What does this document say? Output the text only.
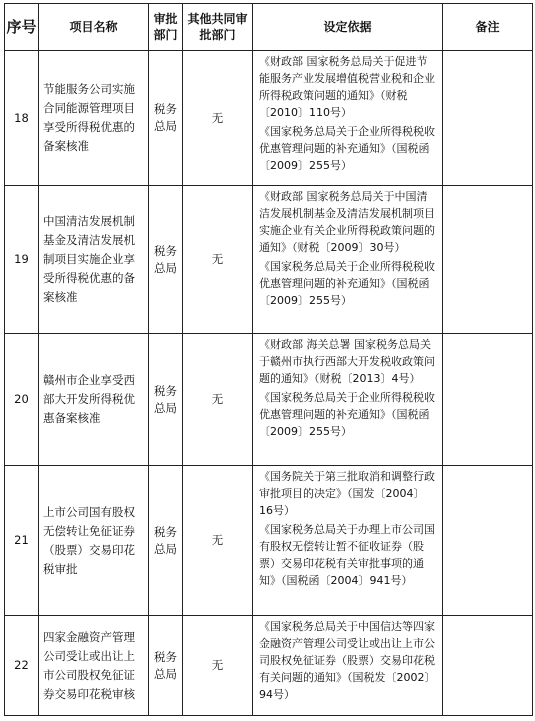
序号	项目名称	审批部门	其他共同审批部门	设定依据	备注
18	节能服务公司实施合同能源管理项目享受所得税优惠的备案核准	税务总局	无	《财政部 国家税务总局关于促进节能服务产业发展增值税营业税和企业所得税政策问题的通知》（财税〔2010〕110号）

《国家税务总局关于企业所得税税收优惠管理问题的补充通知》（国税函〔2009〕255号）	

19	中国清洁发展机制基金及清洁发展机制项目实施企业享受所得税优惠的备案核准	税务总局	无	《财政部 国家税务总局关于中国清洁发展机制基金及清洁发展机制项目实施企业有关企业所得税政策问题的通知》（财税〔2009〕30号）

《国家税务总局关于企业所得税税收优惠管理问题的补充通知》（国税函〔2009〕255号）	

20	赣州市企业享受西部大开发所得税优惠备案核准	税务总局	无	《财政部 海关总署 国家税务总局关于赣州市执行西部大开发税收政策问题的通知》（财税〔2013〕4号）

《国家税务总局关于企业所得税税收优惠管理问题的补充通知》（国税函〔2009〕255号）	

21	上市公司国有股权无偿转让免征证券（股票）交易印花税审批	税务总局	无	《国务院关于第三批取消和调整行政审批项目的决定》（国发〔2004〕16号）

《国家税务总局关于办理上市公司国有股权无偿转让暂不征收证券（股票）交易印花税有关审批事项的通知》（国税函〔2004〕941号）	

22	四家金融资产管理公司受让或出让上市公司股权免征证券交易印花税审核	税务总局	无	《国家税务总局关于中国信达等四家金融资产管理公司受让或出让上市公司股权免征证券（股票）交易印花税有关问题的通知》（国税发〔2002〕94号）	
